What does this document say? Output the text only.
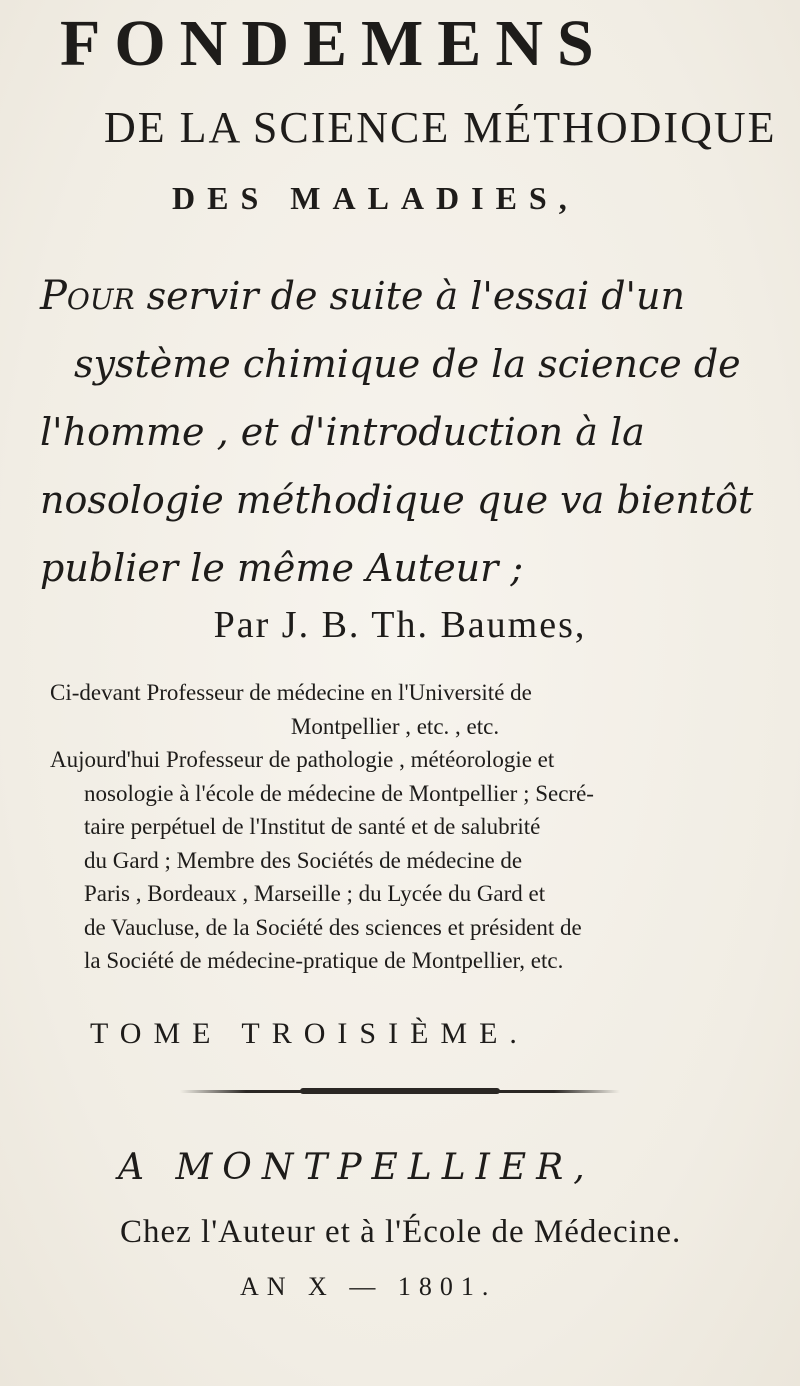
FONDEMENS
DE LA SCIENCE MÉTHODIQUE
DES MALADIES,
Pour servir de suite à l'essai d'un
système chimique de la science de
l'homme , et d'introduction à la
nosologie méthodique que va bientôt
publier le même Auteur ;
Par J. B. Th. Baumes,
Ci-devant Professeur de médecine en l'Université de
Montpellier , etc. , etc.
Aujourd'hui Professeur de pathologie , météorologie et
nosologie à l'école de médecine de Montpellier ; Secré-
taire perpétuel de l'Institut de santé et de salubrité
du Gard ; Membre des Sociétés de médecine de
Paris , Bordeaux , Marseille ; du Lycée du Gard et
de Vaucluse, de la Société des sciences et président de
la Société de médecine-pratique de Montpellier, etc.
TOME TROISIÈME.
A MONTPELLIER,
Chez l'Auteur et à l'École de Médecine.
AN X — 1801.
